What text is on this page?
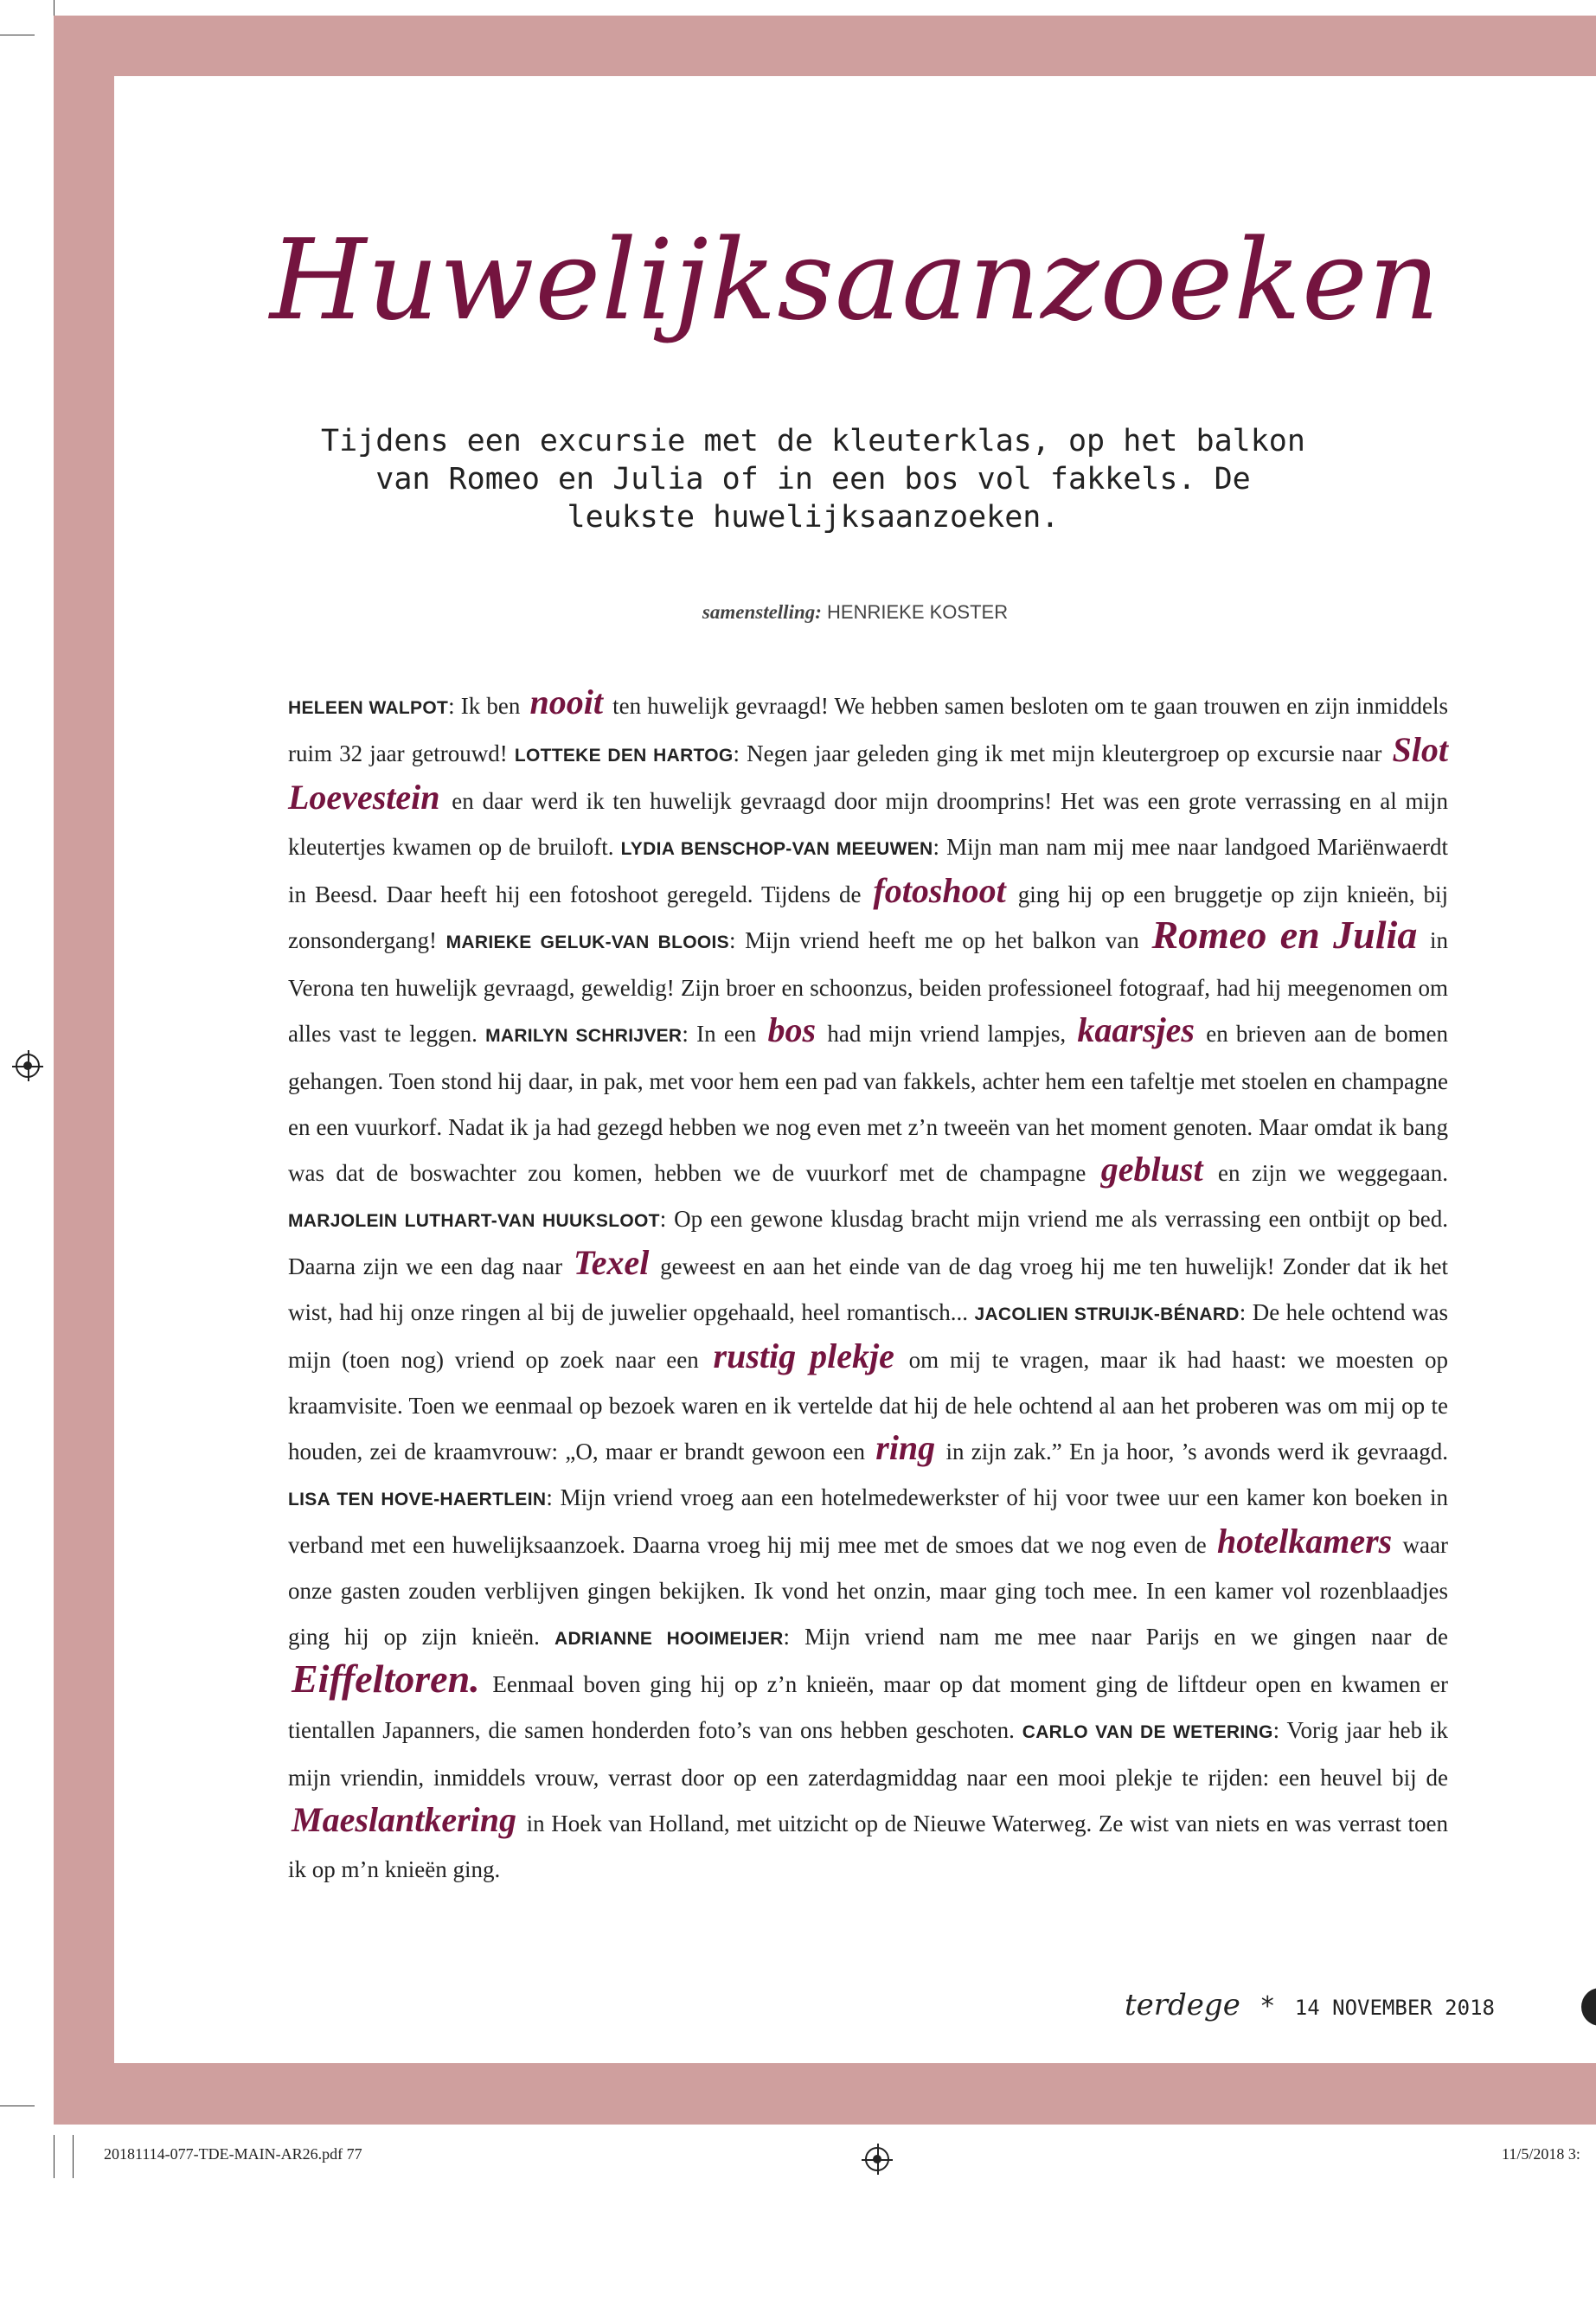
Huwelijksaanzoeken

Tijdens een excursie met de kleuterklas, op het balkon van Romeo en Julia of in een bos vol fakkels. De leukste huwelijksaanzoeken.

samenstelling: HENRIEKE KOSTER

HELEEN WALPOT: Ik ben nooit ten huwelijk gevraagd! We hebben samen besloten om te gaan trouwen en zijn inmiddels ruim 32 jaar getrouwd! LOTTEKE DEN HARTOG: Negen jaar geleden ging ik met mijn kleutergroep op excursie naar Slot Loevestein en daar werd ik ten huwelijk gevraagd door mijn droomprins! Het was een grote verrassing en al mijn kleutertjes kwamen op de bruiloft. LYDIA BENSCHOP-VAN MEEUWEN: Mijn man nam mij mee naar landgoed Mariënwaerdt in Beesd. Daar heeft hij een fotoshoot geregeld. Tijdens de fotoshoot ging hij op een bruggetje op zijn knieën, bij zonsondergang! MARIEKE GELUK-VAN BLOOIS: Mijn vriend heeft me op het balkon van Romeo en Julia in Verona ten huwelijk gevraagd, geweldig! Zijn broer en schoonzus, beiden professioneel fotograaf, had hij meegenomen om alles vast te leggen. MARILYN SCHRIJVER: In een bos had mijn vriend lampjes, kaarsjes en brieven aan de bomen gehangen. Toen stond hij daar, in pak, met voor hem een pad van fakkels, achter hem een tafeltje met stoelen en champagne en een vuurkorf. Nadat ik ja had gezegd hebben we nog even met z’n tweeën van het moment genoten. Maar omdat ik bang was dat de boswachter zou komen, hebben we de vuurkorf met de champagne geblust en zijn we weggegaan. MARJOLEIN LUTHART-VAN HUUKSLOOT: Op een gewone klusdag bracht mijn vriend me als verrassing een ontbijt op bed. Daarna zijn we een dag naar Texel geweest en aan het einde van de dag vroeg hij me ten huwelijk! Zonder dat ik het wist, had hij onze ringen al bij de juwelier opgehaald, heel romantisch... JACOLIEN STRUIJK-BÉNARD: De hele ochtend was mijn (toen nog) vriend op zoek naar een rustig plekje om mij te vragen, maar ik had haast: we moesten op kraamvisite. Toen we eenmaal op bezoek waren en ik vertelde dat hij de hele ochtend al aan het proberen was om mij op te houden, zei de kraamvrouw: „O, maar er brandt gewoon een ring in zijn zak.” En ja hoor, ’s avonds werd ik gevraagd. LISA TEN HOVE-HAERTLEIN: Mijn vriend vroeg aan een hotelmedewerkster of hij voor twee uur een kamer kon boeken in verband met een huwelijksaanzoek. Daarna vroeg hij mij mee met de smoes dat we nog even de hotelkamers waar onze gasten zouden verblijven gingen bekijken. Ik vond het onzin, maar ging toch mee. In een kamer vol rozenblaadjes ging hij op zijn knieën. ADRIANNE HOOIMEIJER: Mijn vriend nam me mee naar Parijs en we gingen naar de Eiffeltoren. Eenmaal boven ging hij op z’n knieën, maar op dat moment ging de liftdeur open en kwamen er tientallen Japanners, die samen honderden foto’s van ons hebben geschoten. CARLO VAN DE WETERING: Vorig jaar heb ik mijn vriendin, inmiddels vrouw, verrast door op een zaterdagmiddag naar een mooi plekje te rijden: een heuvel bij de Maeslantkering in Hoek van Holland, met uitzicht op de Nieuwe Waterweg. Ze wist van niets en was verrast toen ik op m’n knieën ging.

terdege * 14 NOVEMBER 2018
20181114-077-TDE-MAIN-AR26.pdf 77	11/5/2018 3:
